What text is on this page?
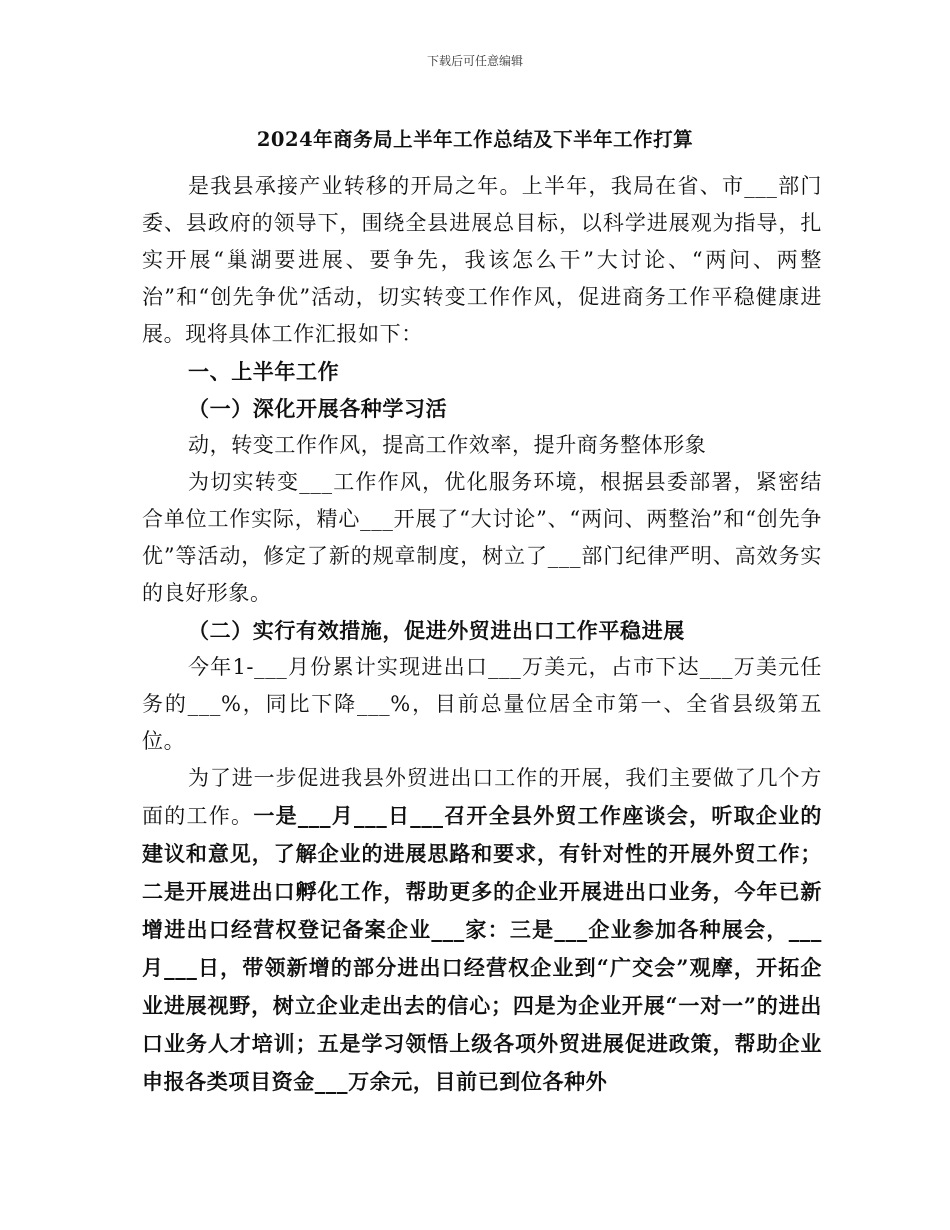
下载后可任意编辑
2024年商务局上半年工作总结及下半年工作打算

是我县承接产业转移的开局之年。上半年，我局在省、市___部门委、县政府的领导下，围绕全县进展总目标，以科学进展观为指导，扎实开展“巢湖要进展、要争先，我该怎么干”大讨论、“两问、两整治”和“创先争优”活动，切实转变工作作风，促进商务工作平稳健康进展。现将具体工作汇报如下：

一、上半年工作

（一）深化开展各种学习活

动，转变工作作风，提高工作效率，提升商务整体形象

为切实转变___工作作风，优化服务环境，根据县委部署，紧密结合单位工作实际，精心___开展了“大讨论”、“两问、两整治”和“创先争优”等活动，修定了新的规章制度，树立了___部门纪律严明、高效务实的良好形象。

（二）实行有效措施，促进外贸进出口工作平稳进展

今年1-___月份累计实现进出口___万美元，占市下达___万美元任务的___%，同比下降___%，目前总量位居全市第一、全省县级第五位。

为了进一步促进我县外贸进出口工作的开展，我们主要做了几个方面的工作。一是___月___日___召开全县外贸工作座谈会，听取企业的建议和意见，了解企业的进展思路和要求，有针对性的开展外贸工作；二是开展进出口孵化工作，帮助更多的企业开展进出口业务，今年已新增进出口经营权登记备案企业___家：三是___企业参加各种展会，___月___日，带领新增的部分进出口经营权企业到“广交会”观摩，开拓企业进展视野，树立企业走出去的信心；四是为企业开展“一对一”的进出口业务人才培训；五是学习领悟上级各项外贸进展促进政策，帮助企业申报各类项目资金___万余元，目前已到位各种外
